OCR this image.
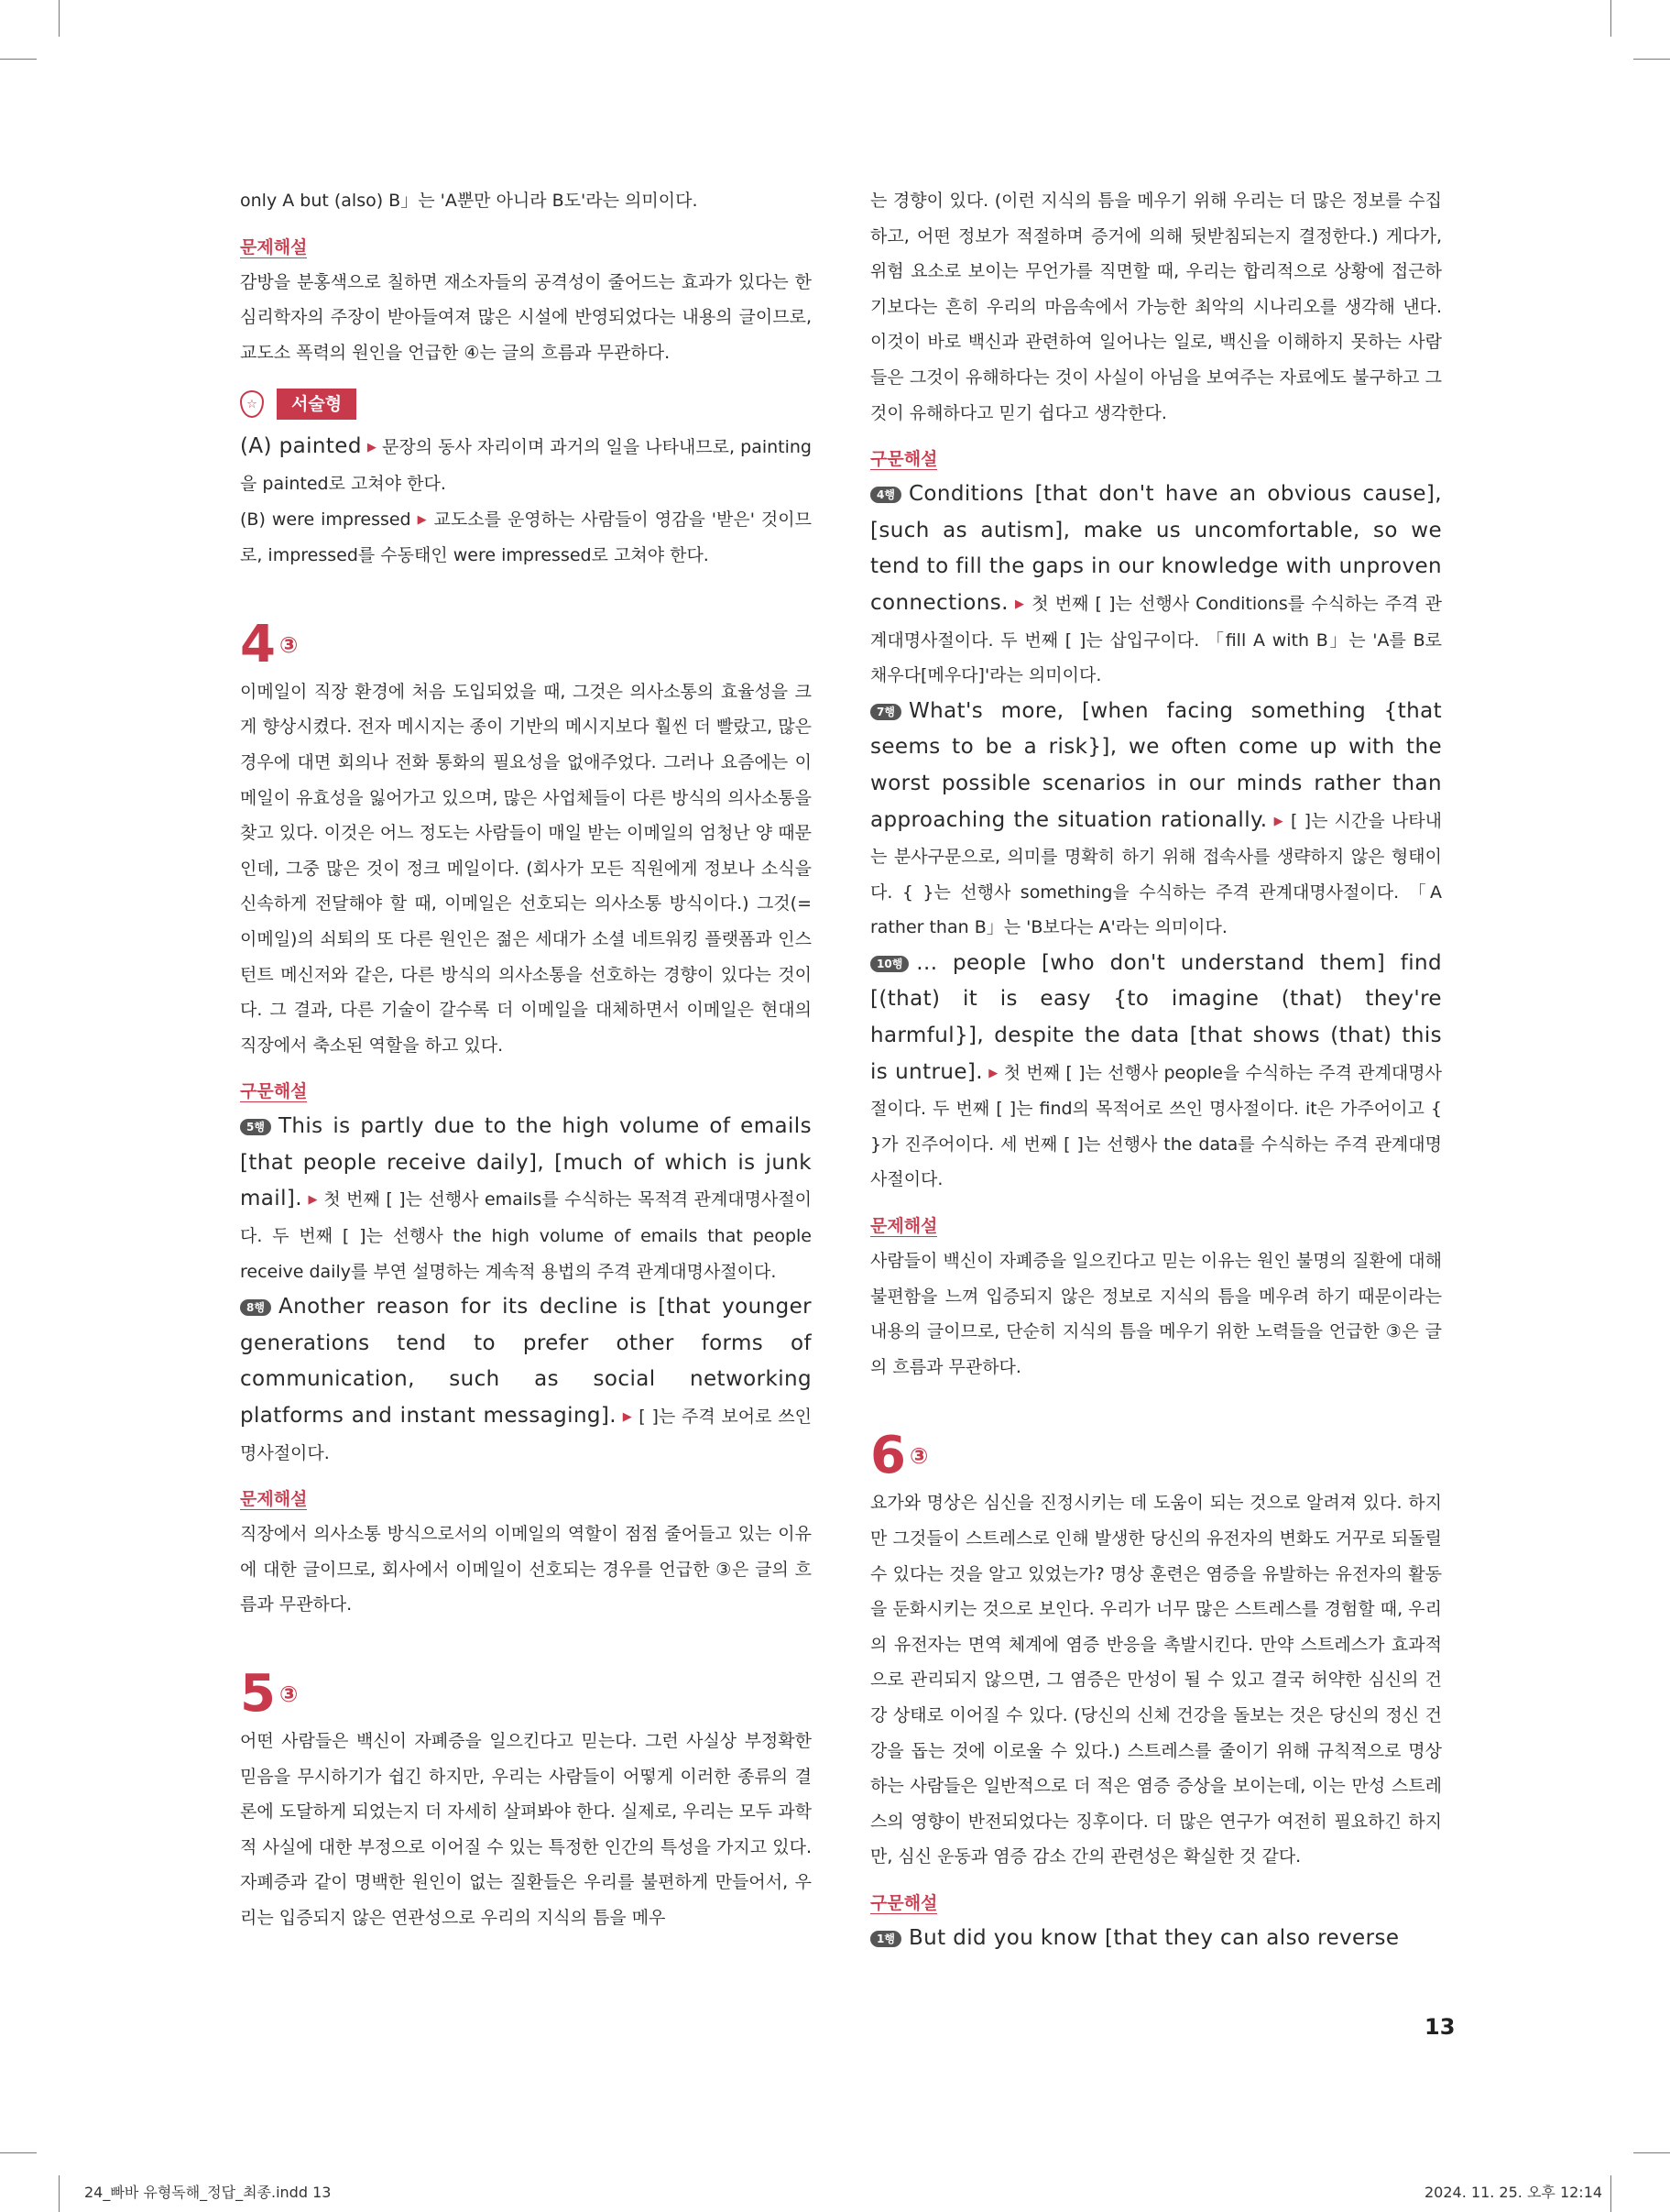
only A but (also) B」는 'A뿐만 아니라 B도'라는 의미이다.

문제해설

감방을 분홍색으로 칠하면 재소자들의 공격성이 줄어드는 효과가 있다는 한 심리학자의 주장이 받아들여져 많은 시설에 반영되었다는 내용의 글이므로, 교도소 폭력의 원인을 언급한 ④는 글의 흐름과 무관하다.

☆	서술형

(A) painted ▶ 문장의 동사 자리이며 과거의 일을 나타내므로, painting을 painted로 고쳐야 한다.

(B) were impressed ▶ 교도소를 운영하는 사람들이 영감을 '받은' 것이므로, impressed를 수동태인 were impressed로 고쳐야 한다.

4 ③

이메일이 직장 환경에 처음 도입되었을 때, 그것은 의사소통의 효율성을 크게 향상시켰다. 전자 메시지는 종이 기반의 메시지보다 훨씬 더 빨랐고, 많은 경우에 대면 회의나 전화 통화의 필요성을 없애주었다. 그러나 요즘에는 이메일이 유효성을 잃어가고 있으며, 많은 사업체들이 다른 방식의 의사소통을 찾고 있다. 이것은 어느 정도는 사람들이 매일 받는 이메일의 엄청난 양 때문인데, 그중 많은 것이 정크 메일이다. (회사가 모든 직원에게 정보나 소식을 신속하게 전달해야 할 때, 이메일은 선호되는 의사소통 방식이다.) 그것(= 이메일)의 쇠퇴의 또 다른 원인은 젊은 세대가 소셜 네트워킹 플랫폼과 인스턴트 메신저와 같은, 다른 방식의 의사소통을 선호하는 경향이 있다는 것이다. 그 결과, 다른 기술이 갈수록 더 이메일을 대체하면서 이메일은 현대의 직장에서 축소된 역할을 하고 있다.

구문해설

5행 This is partly due to the high volume of emails [that people receive daily], [much of which is junk mail]. ▶ 첫 번째 [ ]는 선행사 emails를 수식하는 목적격 관계대명사절이다. 두 번째 [ ]는 선행사 the high volume of emails that people receive daily를 부연 설명하는 계속적 용법의 주격 관계대명사절이다.

8행 Another reason for its decline is [that younger generations tend to prefer other forms of communication, such as social networking platforms and instant messaging]. ▶ [ ]는 주격 보어로 쓰인 명사절이다.

문제해설

직장에서 의사소통 방식으로서의 이메일의 역할이 점점 줄어들고 있는 이유에 대한 글이므로, 회사에서 이메일이 선호되는 경우를 언급한 ③은 글의 흐름과 무관하다.

5 ③

어떤 사람들은 백신이 자폐증을 일으킨다고 믿는다. 그런 사실상 부정확한 믿음을 무시하기가 쉽긴 하지만, 우리는 사람들이 어떻게 이러한 종류의 결론에 도달하게 되었는지 더 자세히 살펴봐야 한다. 실제로, 우리는 모두 과학적 사실에 대한 부정으로 이어질 수 있는 특정한 인간의 특성을 가지고 있다. 자폐증과 같이 명백한 원인이 없는 질환들은 우리를 불편하게 만들어서, 우리는 입증되지 않은 연관성으로 우리의 지식의 틈을 메우

는 경향이 있다. (이런 지식의 틈을 메우기 위해 우리는 더 많은 정보를 수집하고, 어떤 정보가 적절하며 증거에 의해 뒷받침되는지 결정한다.) 게다가, 위험 요소로 보이는 무언가를 직면할 때, 우리는 합리적으로 상황에 접근하기보다는 흔히 우리의 마음속에서 가능한 최악의 시나리오를 생각해 낸다. 이것이 바로 백신과 관련하여 일어나는 일로, 백신을 이해하지 못하는 사람들은 그것이 유해하다는 것이 사실이 아님을 보여주는 자료에도 불구하고 그것이 유해하다고 믿기 쉽다고 생각한다.

구문해설

4행 Conditions [that don't have an obvious cause], [such as autism], make us uncomfortable, so we tend to fill the gaps in our knowledge with unproven connections. ▶ 첫 번째 [ ]는 선행사 Conditions를 수식하는 주격 관계대명사절이다. 두 번째 [ ]는 삽입구이다. 「fill A with B」는 'A를 B로 채우다[메우다]'라는 의미이다.

7행 What's more, [when facing something {that seems to be a risk}], we often come up with the worst possible scenarios in our minds rather than approaching the situation rationally. ▶ [ ]는 시간을 나타내는 분사구문으로, 의미를 명확히 하기 위해 접속사를 생략하지 않은 형태이다. { }는 선행사 something을 수식하는 주격 관계대명사절이다. 「A rather than B」는 'B보다는 A'라는 의미이다.

10행 ... people [who don't understand them] find [(that) it is easy {to imagine (that) they're harmful}], despite the data [that shows (that) this is untrue]. ▶ 첫 번째 [ ]는 선행사 people을 수식하는 주격 관계대명사절이다. 두 번째 [ ]는 find의 목적어로 쓰인 명사절이다. it은 가주어이고 { }가 진주어이다. 세 번째 [ ]는 선행사 the data를 수식하는 주격 관계대명사절이다.

문제해설

사람들이 백신이 자폐증을 일으킨다고 믿는 이유는 원인 불명의 질환에 대해 불편함을 느껴 입증되지 않은 정보로 지식의 틈을 메우려 하기 때문이라는 내용의 글이므로, 단순히 지식의 틈을 메우기 위한 노력들을 언급한 ③은 글의 흐름과 무관하다.

6 ③

요가와 명상은 심신을 진정시키는 데 도움이 되는 것으로 알려져 있다. 하지만 그것들이 스트레스로 인해 발생한 당신의 유전자의 변화도 거꾸로 되돌릴 수 있다는 것을 알고 있었는가? 명상 훈련은 염증을 유발하는 유전자의 활동을 둔화시키는 것으로 보인다. 우리가 너무 많은 스트레스를 경험할 때, 우리의 유전자는 면역 체계에 염증 반응을 촉발시킨다. 만약 스트레스가 효과적으로 관리되지 않으면, 그 염증은 만성이 될 수 있고 결국 허약한 심신의 건강 상태로 이어질 수 있다. (당신의 신체 건강을 돌보는 것은 당신의 정신 건강을 돕는 것에 이로울 수 있다.) 스트레스를 줄이기 위해 규칙적으로 명상하는 사람들은 일반적으로 더 적은 염증 증상을 보이는데, 이는 만성 스트레스의 영향이 반전되었다는 징후이다. 더 많은 연구가 여전히 필요하긴 하지만, 심신 운동과 염증 감소 간의 관련성은 확실한 것 같다.

구문해설

1행 But did you know [that they can also reverse

13
24_빠바 유형독해_정답_최종.indd 13	2024. 11. 25. 오후 12:14
